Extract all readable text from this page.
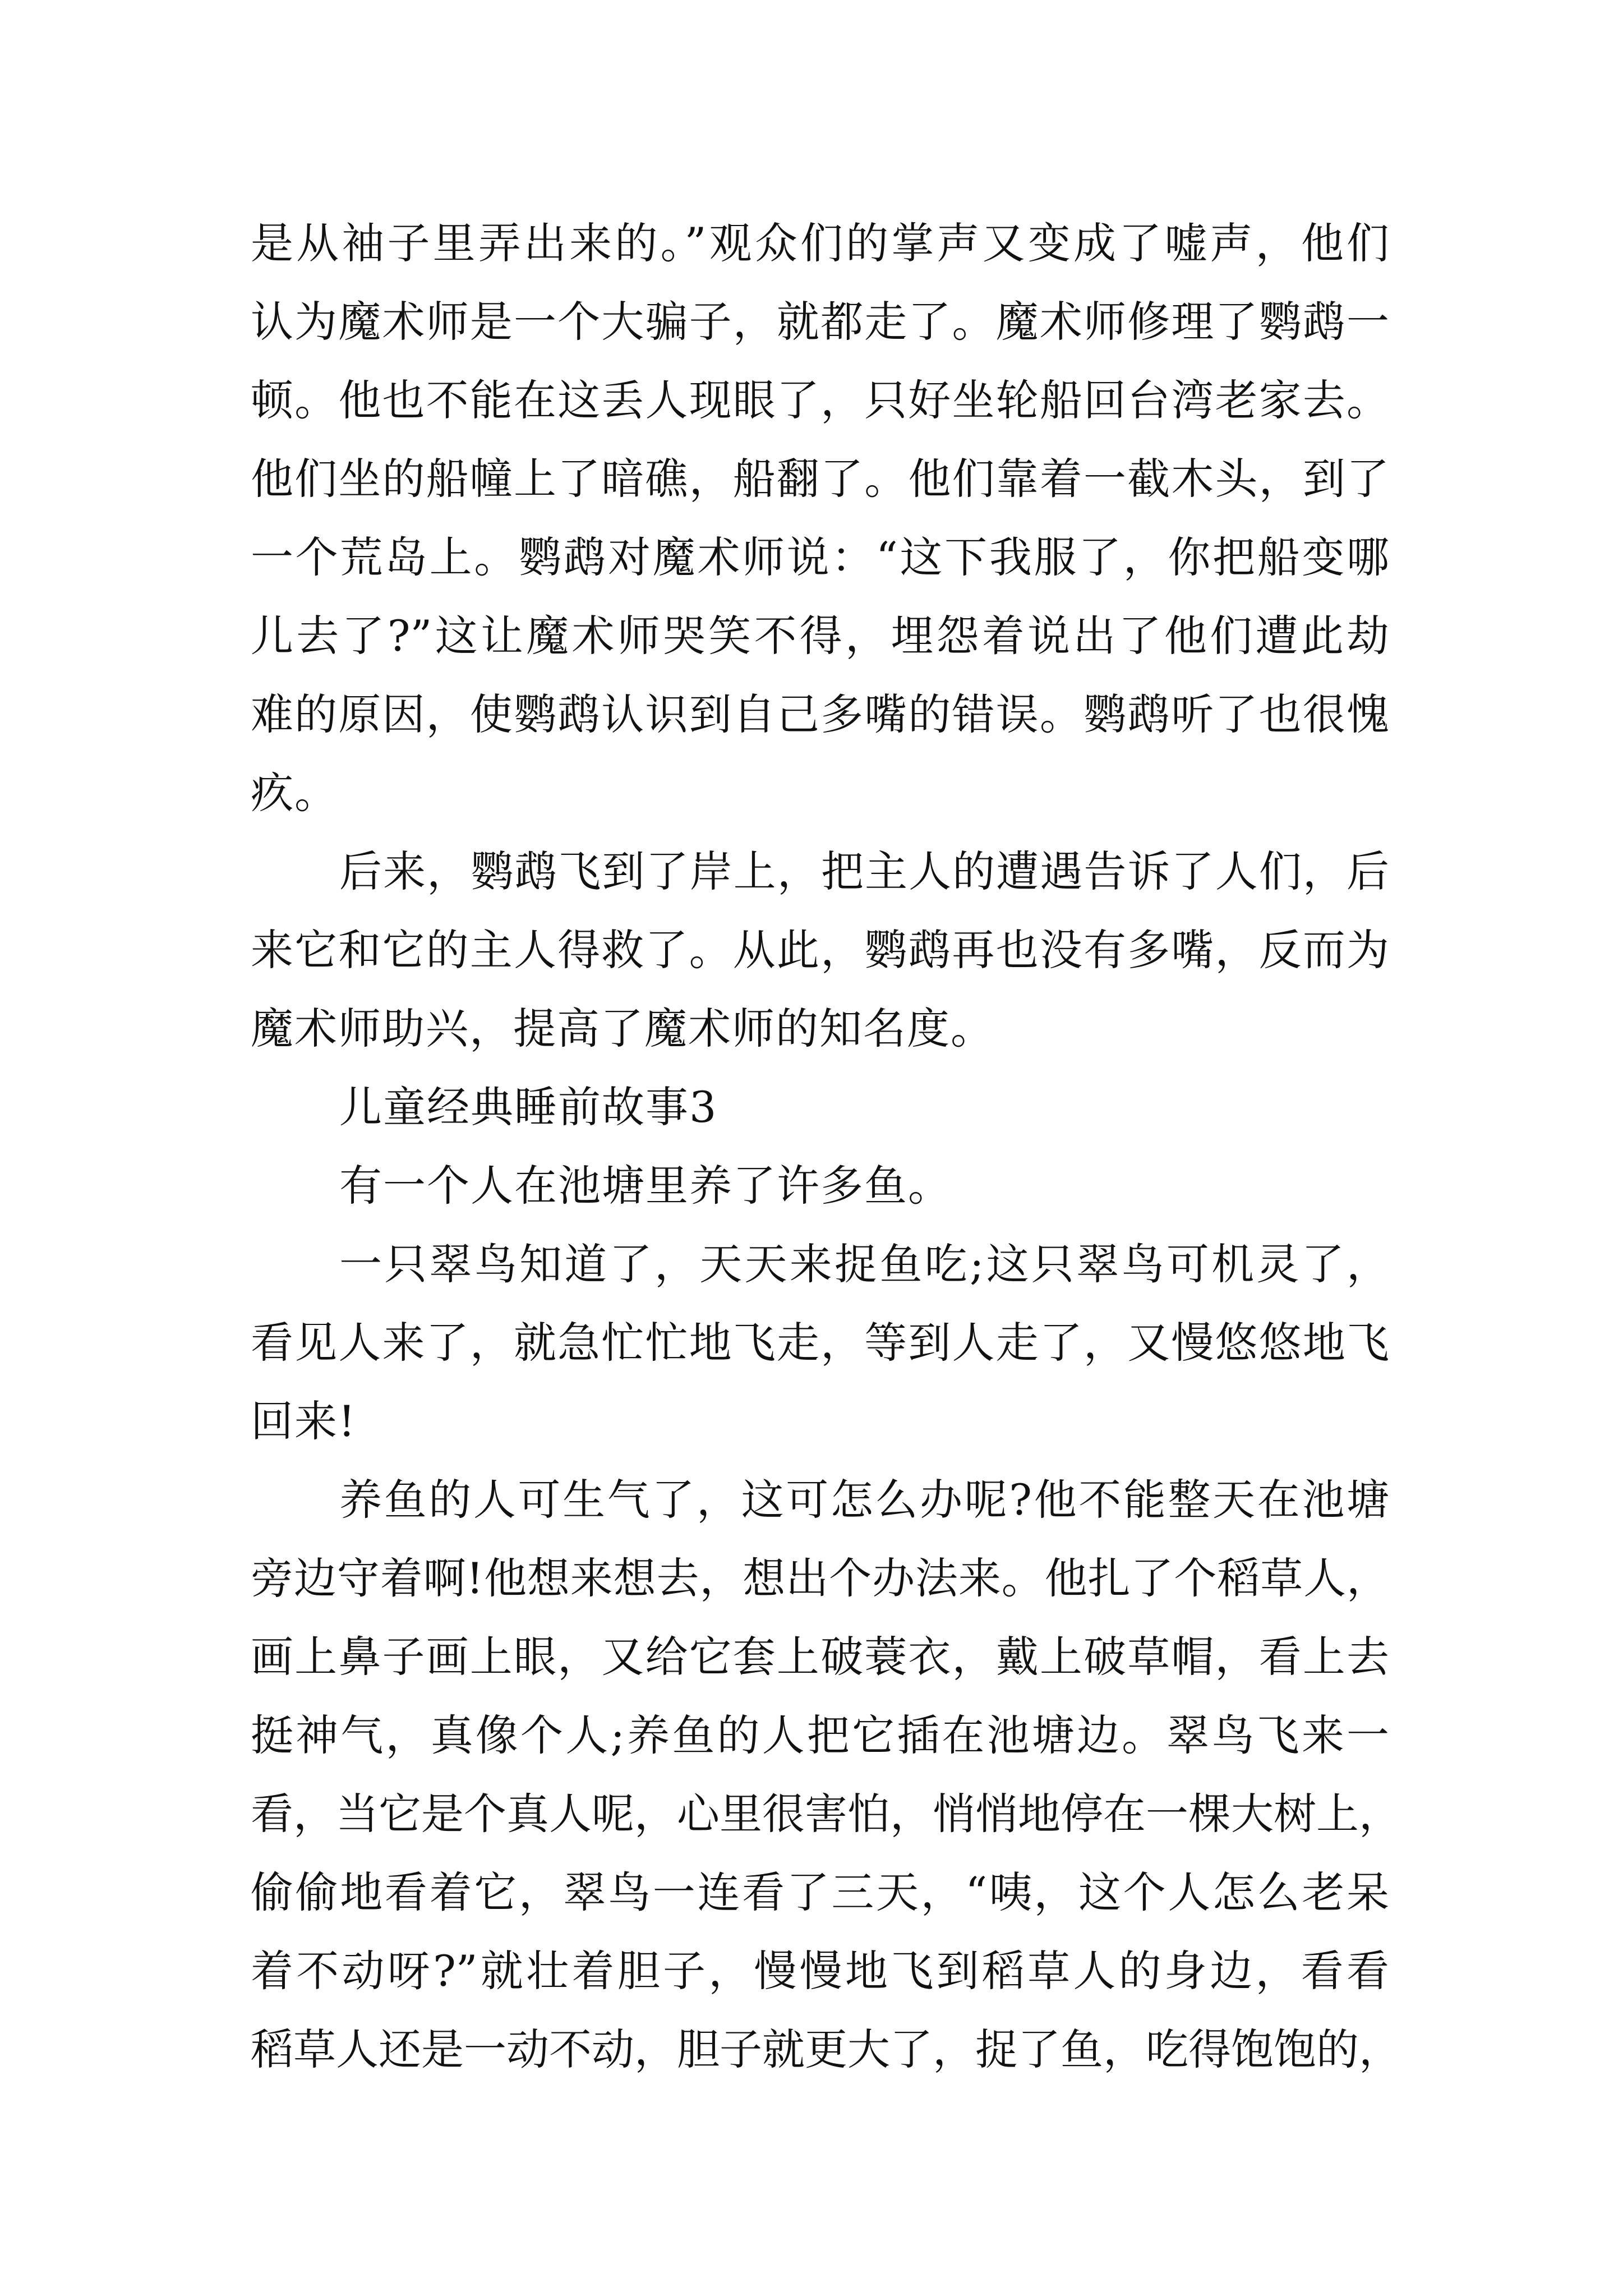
是从袖子里弄出来的。”观众们的掌声又变成了嘘声，他们
认为魔术师是一个大骗子，就都走了。魔术师修理了鹦鹉一
顿。他也不能在这丢人现眼了，只好坐轮船回台湾老家去。
他们坐的船幢上了暗礁，船翻了。他们靠着一截木头，到了
一个荒岛上。鹦鹉对魔术师说：“这下我服了，你把船变哪
儿去了?”这让魔术师哭笑不得，埋怨着说出了他们遭此劫
难的原因，使鹦鹉认识到自己多嘴的错误。鹦鹉听了也很愧
疚。
后来，鹦鹉飞到了岸上，把主人的遭遇告诉了人们，后
来它和它的主人得救了。从此，鹦鹉再也没有多嘴，反而为
魔术师助兴，提高了魔术师的知名度。
儿童经典睡前故事3
有一个人在池塘里养了许多鱼。
一只翠鸟知道了，天天来捉鱼吃;这只翠鸟可机灵了，
看见人来了，就急忙忙地飞走，等到人走了，又慢悠悠地飞
回来!
养鱼的人可生气了，这可怎么办呢?他不能整天在池塘
旁边守着啊!他想来想去，想出个办法来。他扎了个稻草人，
画上鼻子画上眼，又给它套上破蓑衣，戴上破草帽，看上去
挺神气，真像个人;养鱼的人把它插在池塘边。翠鸟飞来一
看，当它是个真人呢，心里很害怕，悄悄地停在一棵大树上，
偷偷地看着它，翠鸟一连看了三天，“咦，这个人怎么老呆
着不动呀?”就壮着胆子，慢慢地飞到稻草人的身边，看看
稻草人还是一动不动，胆子就更大了，捉了鱼，吃得饱饱的，
